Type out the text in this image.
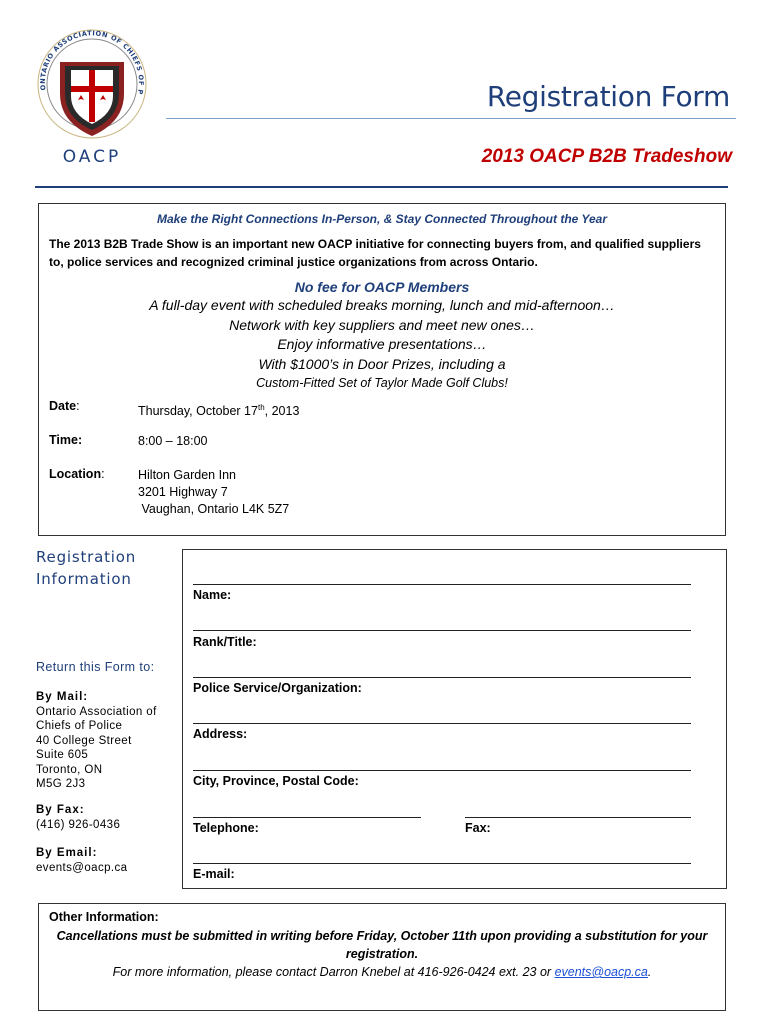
ONTARIO ASSOCIATION OF CHIEFS OF P
OACP
Registration Form
2013 OACP B2B Tradeshow
Make the Right Connections In-Person, & Stay Connected Throughout the Year
The 2013 B2B Trade Show is an important new OACP initiative for connecting buyers from, and qualified suppliers to, police services and recognized criminal justice organizations from across Ontario.
No fee for OACP Members
A full-day event with scheduled breaks morning, lunch and mid-afternoon…
Network with key suppliers and meet new ones…
Enjoy informative presentations…
With $1000’s in Door Prizes, including a
Custom-Fitted Set of Taylor Made Golf Clubs!
Date:	Thursday, October 17th, 2013
Time:	8:00 – 18:00
Location:	Hilton Garden Inn
3201 Highway 7
Vaughan, Ontario L4K 5Z7
Registration
Information
Return this Form to:
By Mail:
Ontario Association of
Chiefs of Police
40 College Street
Suite 605
Toronto, ON
M5G 2J3
By Fax:
(416) 926-0436
By Email:
events@oacp.ca
Name:
Rank/Title:
Police Service/Organization:
Address:
City, Province, Postal Code:
Telephone:	Fax:
E-mail:
Other Information:
Cancellations must be submitted in writing before Friday, October 11th upon providing a substitution for your
registration.
For more information, please contact Darron Knebel at 416-926-0424 ext. 23 or events@oacp.ca.
